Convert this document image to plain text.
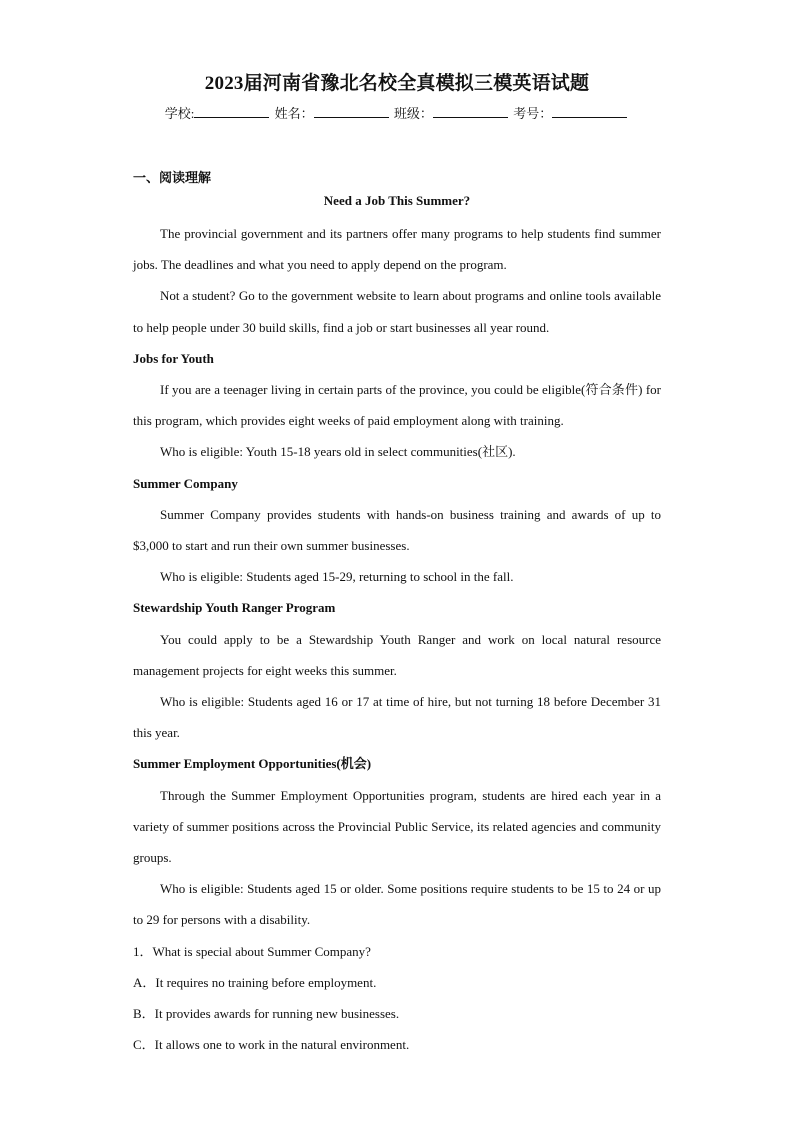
2023届河南省豫北名校全真模拟三模英语试题
学校:	姓名：	班级：	考号：
一、阅读理解
Need a Job This Summer?

The provincial government and its partners offer many programs to help students find summer jobs. The deadlines and what you need to apply depend on the program.

Not a student? Go to the government website to learn about programs and online tools available to help people under 30 build skills, find a job or start businesses all year round.

Jobs for Youth

If you are a teenager living in certain parts of the province, you could be eligible(符合条件) for this program, which provides eight weeks of paid employment along with training.

Who is eligible: Youth 15-18 years old in select communities(社区).

Summer Company

Summer Company provides students with hands-on business training and awards of up to $3,000 to start and run their own summer businesses.

Who is eligible: Students aged 15-29, returning to school in the fall.

Stewardship Youth Ranger Program

You could apply to be a Stewardship Youth Ranger and work on local natural resource management projects for eight weeks this summer.

Who is eligible: Students aged 16 or 17 at time of hire, but not turning 18 before December 31 this year.

Summer Employment Opportunities(机会)

Through the Summer Employment Opportunities program, students are hired each year in a variety of summer positions across the Provincial Public Service, its related agencies and community groups.

Who is eligible: Students aged 15 or older. Some positions require students to be 15 to 24 or up to 29 for persons with a disability.

1．What is special about Summer Company?

A．It requires no training before employment.

B．It provides awards for running new businesses.

C．It allows one to work in the natural environment.
